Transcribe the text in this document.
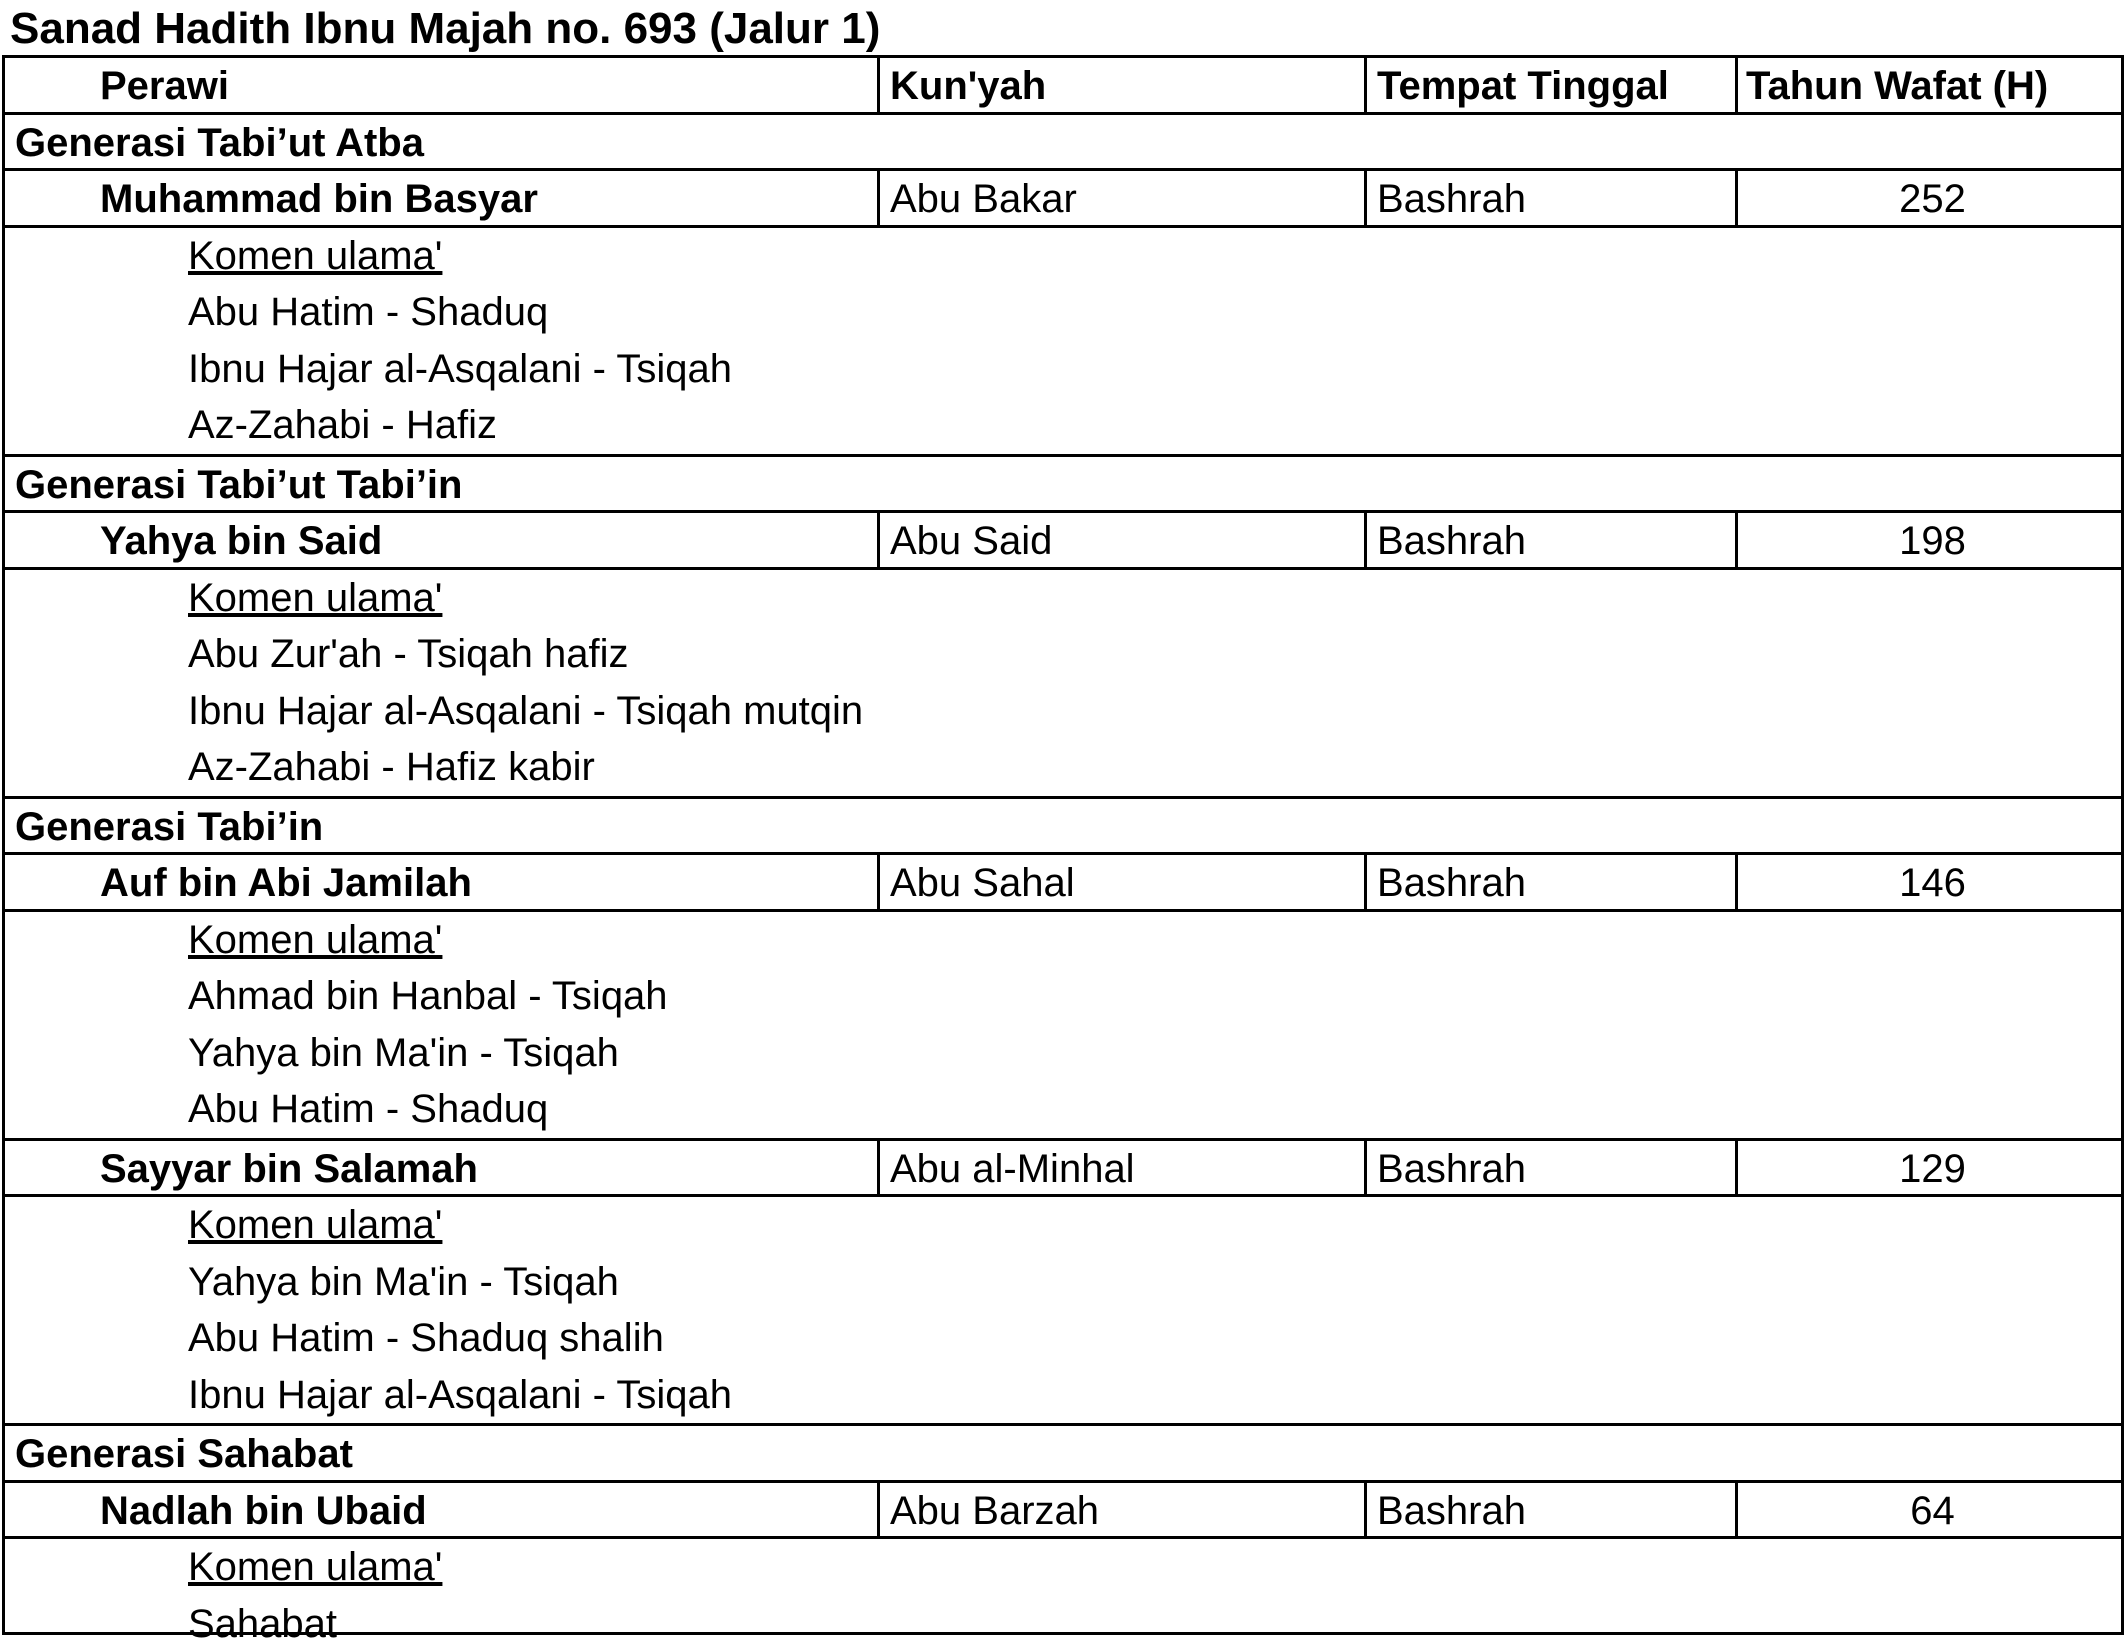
Sanad Hadith Ibnu Majah no. 693 (Jalur 1)
Perawi	Kun'yah	Tempat Tinggal	Tahun Wafat (H)
Generasi Tabi’ut Atba
Muhammad bin Basyar	Abu Bakar	Bashrah	252
Komen ulama'
Abu Hatim - Shaduq
Ibnu Hajar al-Asqalani - Tsiqah
Az-Zahabi - Hafiz
Generasi Tabi’ut Tabi’in
Yahya bin Said	Abu Said	Bashrah	198
Komen ulama'
Abu Zur'ah - Tsiqah hafiz
Ibnu Hajar al-Asqalani - Tsiqah mutqin
Az-Zahabi - Hafiz kabir
Generasi Tabi’in
Auf bin Abi Jamilah	Abu Sahal	Bashrah	146
Komen ulama'
Ahmad bin Hanbal - Tsiqah
Yahya bin Ma'in - Tsiqah
Abu Hatim - Shaduq
Sayyar bin Salamah	Abu al-Minhal	Bashrah	129
Komen ulama'
Yahya bin Ma'in - Tsiqah
Abu Hatim - Shaduq shalih
Ibnu Hajar al-Asqalani - Tsiqah
Generasi Sahabat
Nadlah bin Ubaid	Abu Barzah	Bashrah	64
Komen ulama'
Sahabat
